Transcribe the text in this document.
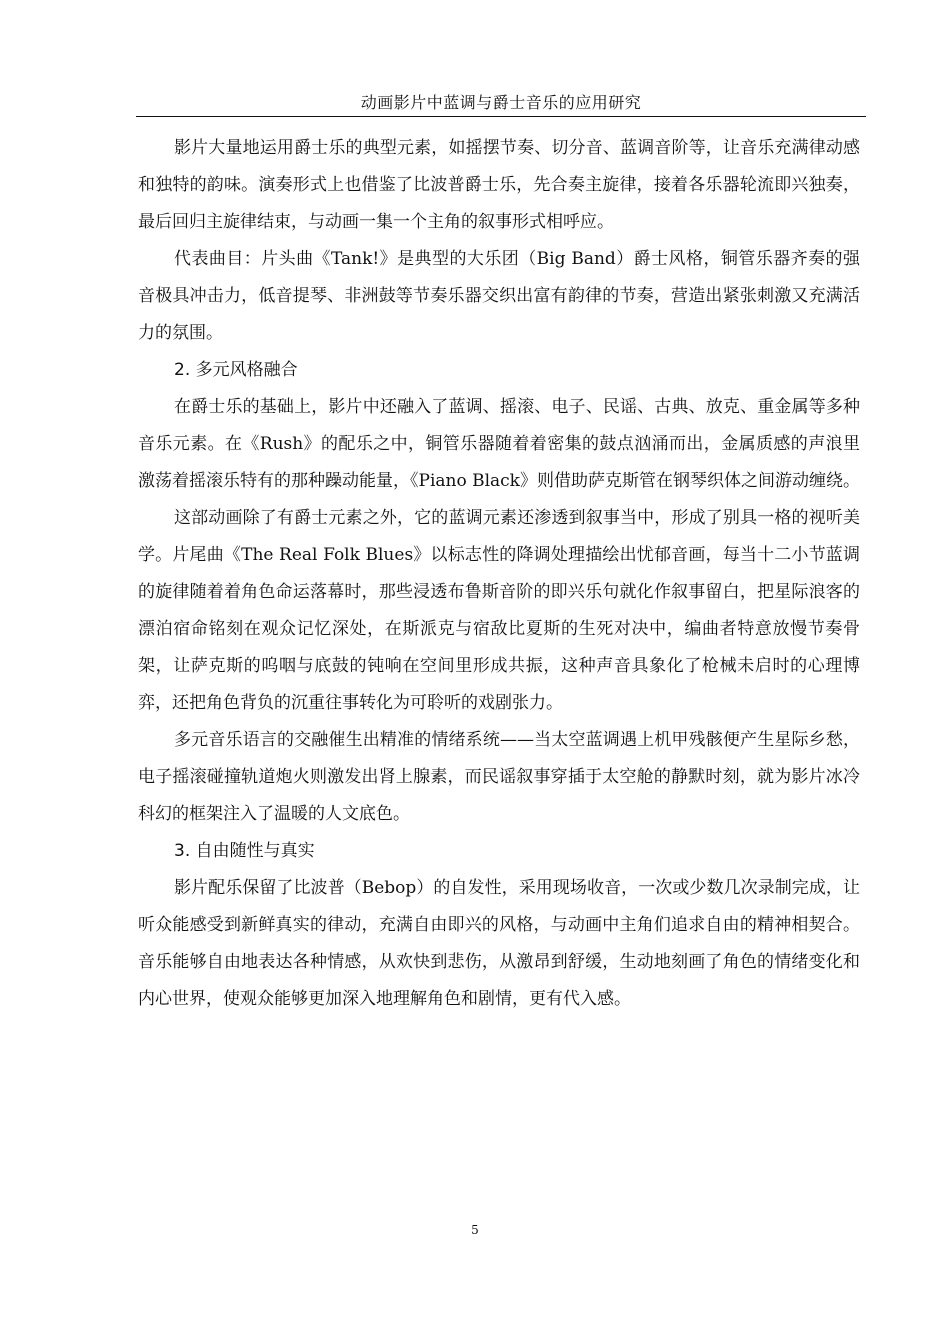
动画影片中蓝调与爵士音乐的应用研究

影片大量地运用爵士乐的典型元素，如摇摆节奏、切分音、蓝调音阶等，让音乐充满律动感和独特的韵味。演奏形式上也借鉴了比波普爵士乐，先合奏主旋律，接着各乐器轮流即兴独奏，最后回归主旋律结束，与动画一集一个主角的叙事形式相呼应。

代表曲目：片头曲《Tank!》是典型的大乐团（Big Band）爵士风格，铜管乐器齐奏的强音极具冲击力，低音提琴、非洲鼓等节奏乐器交织出富有韵律的节奏，营造出紧张刺激又充满活力的氛围。

2. 多元风格融合

在爵士乐的基础上，影片中还融入了蓝调、摇滚、电子、民谣、古典、放克、重金属等多种音乐元素。在《Rush》的配乐之中，铜管乐器随着着密集的鼓点汹涌而出，金属质感的声浪里激荡着摇滚乐特有的那种躁动能量，《Piano Black》则借助萨克斯管在钢琴织体之间游动缠绕。

这部动画除了有爵士元素之外，它的蓝调元素还渗透到叙事当中，形成了别具一格的视听美学。片尾曲《The Real Folk Blues》以标志性的降调处理描绘出忧郁音画，每当十二小节蓝调的旋律随着着角色命运落幕时，那些浸透布鲁斯音阶的即兴乐句就化作叙事留白，把星际浪客的漂泊宿命铭刻在观众记忆深处，在斯派克与宿敌比夏斯的生死对决中，编曲者特意放慢节奏骨架，让萨克斯的呜咽与底鼓的钝响在空间里形成共振，这种声音具象化了枪械未启时的心理博弈，还把角色背负的沉重往事转化为可聆听的戏剧张力。

多元音乐语言的交融催生出精准的情绪系统——当太空蓝调遇上机甲残骸便产生星际乡愁，电子摇滚碰撞轨道炮火则激发出肾上腺素，而民谣叙事穿插于太空舱的静默时刻，就为影片冰冷科幻的框架注入了温暖的人文底色。

3. 自由随性与真实

影片配乐保留了比波普（Bebop）的自发性，采用现场收音，一次或少数几次录制完成，让听众能感受到新鲜真实的律动，充满自由即兴的风格，与动画中主角们追求自由的精神相契合。音乐能够自由地表达各种情感，从欢快到悲伤，从激昂到舒缓，生动地刻画了角色的情绪变化和内心世界，使观众能够更加深入地理解角色和剧情，更有代入感。

5
